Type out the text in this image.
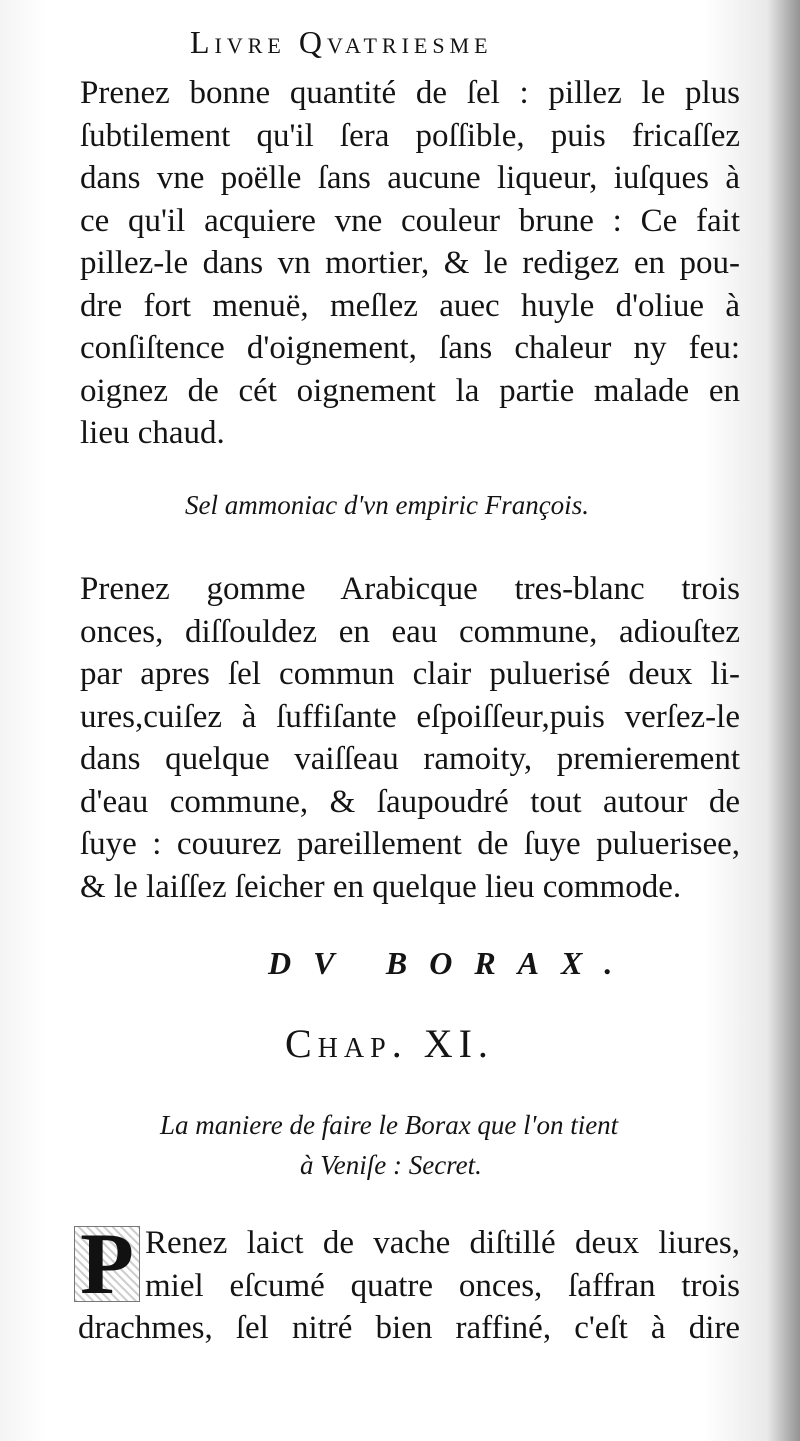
Livre Qvatriesme

Prenez bonne quantité de ſel : pillez le plus
ſubtilement qu'il ſera poſſible, puis fricaſſez
dans vne poëlle ſans aucune liqueur, iuſques à
ce qu'il acquiere vne couleur brune : Ce fait
pillez-le dans vn mortier, & le redigez en pou-
dre fort menuë, meſlez auec huyle d'oliue à
conſiſtence d'oignement, ſans chaleur ny feu:
oignez de cét oignement la partie malade en
lieu chaud.

Sel ammoniac d'vn empiric François.

Prenez gomme Arabicque tres-blanc trois
onces, diſſouldez en eau commune, adiouſtez
par apres ſel commun clair puluerisé deux li-
ures,cuiſez à ſuffiſante eſpoiſſeur,puis verſez-le
dans quelque vaiſſeau ramoity, premierement
d'eau commune, & ſaupoudré tout autour de
ſuye : couurez pareillement de ſuye puluerisee,
& le laiſſez ſeicher en quelque lieu commode.

DV BORAX.
Chap. XI.
La maniere de faire le Borax que l'on tient
à Veniſe : Secret.
P Renez laict de vache diſtillé deux liures,
miel eſcumé quatre onces, ſaffran trois
drachmes, ſel nitré bien raffiné, c'eſt à dire
